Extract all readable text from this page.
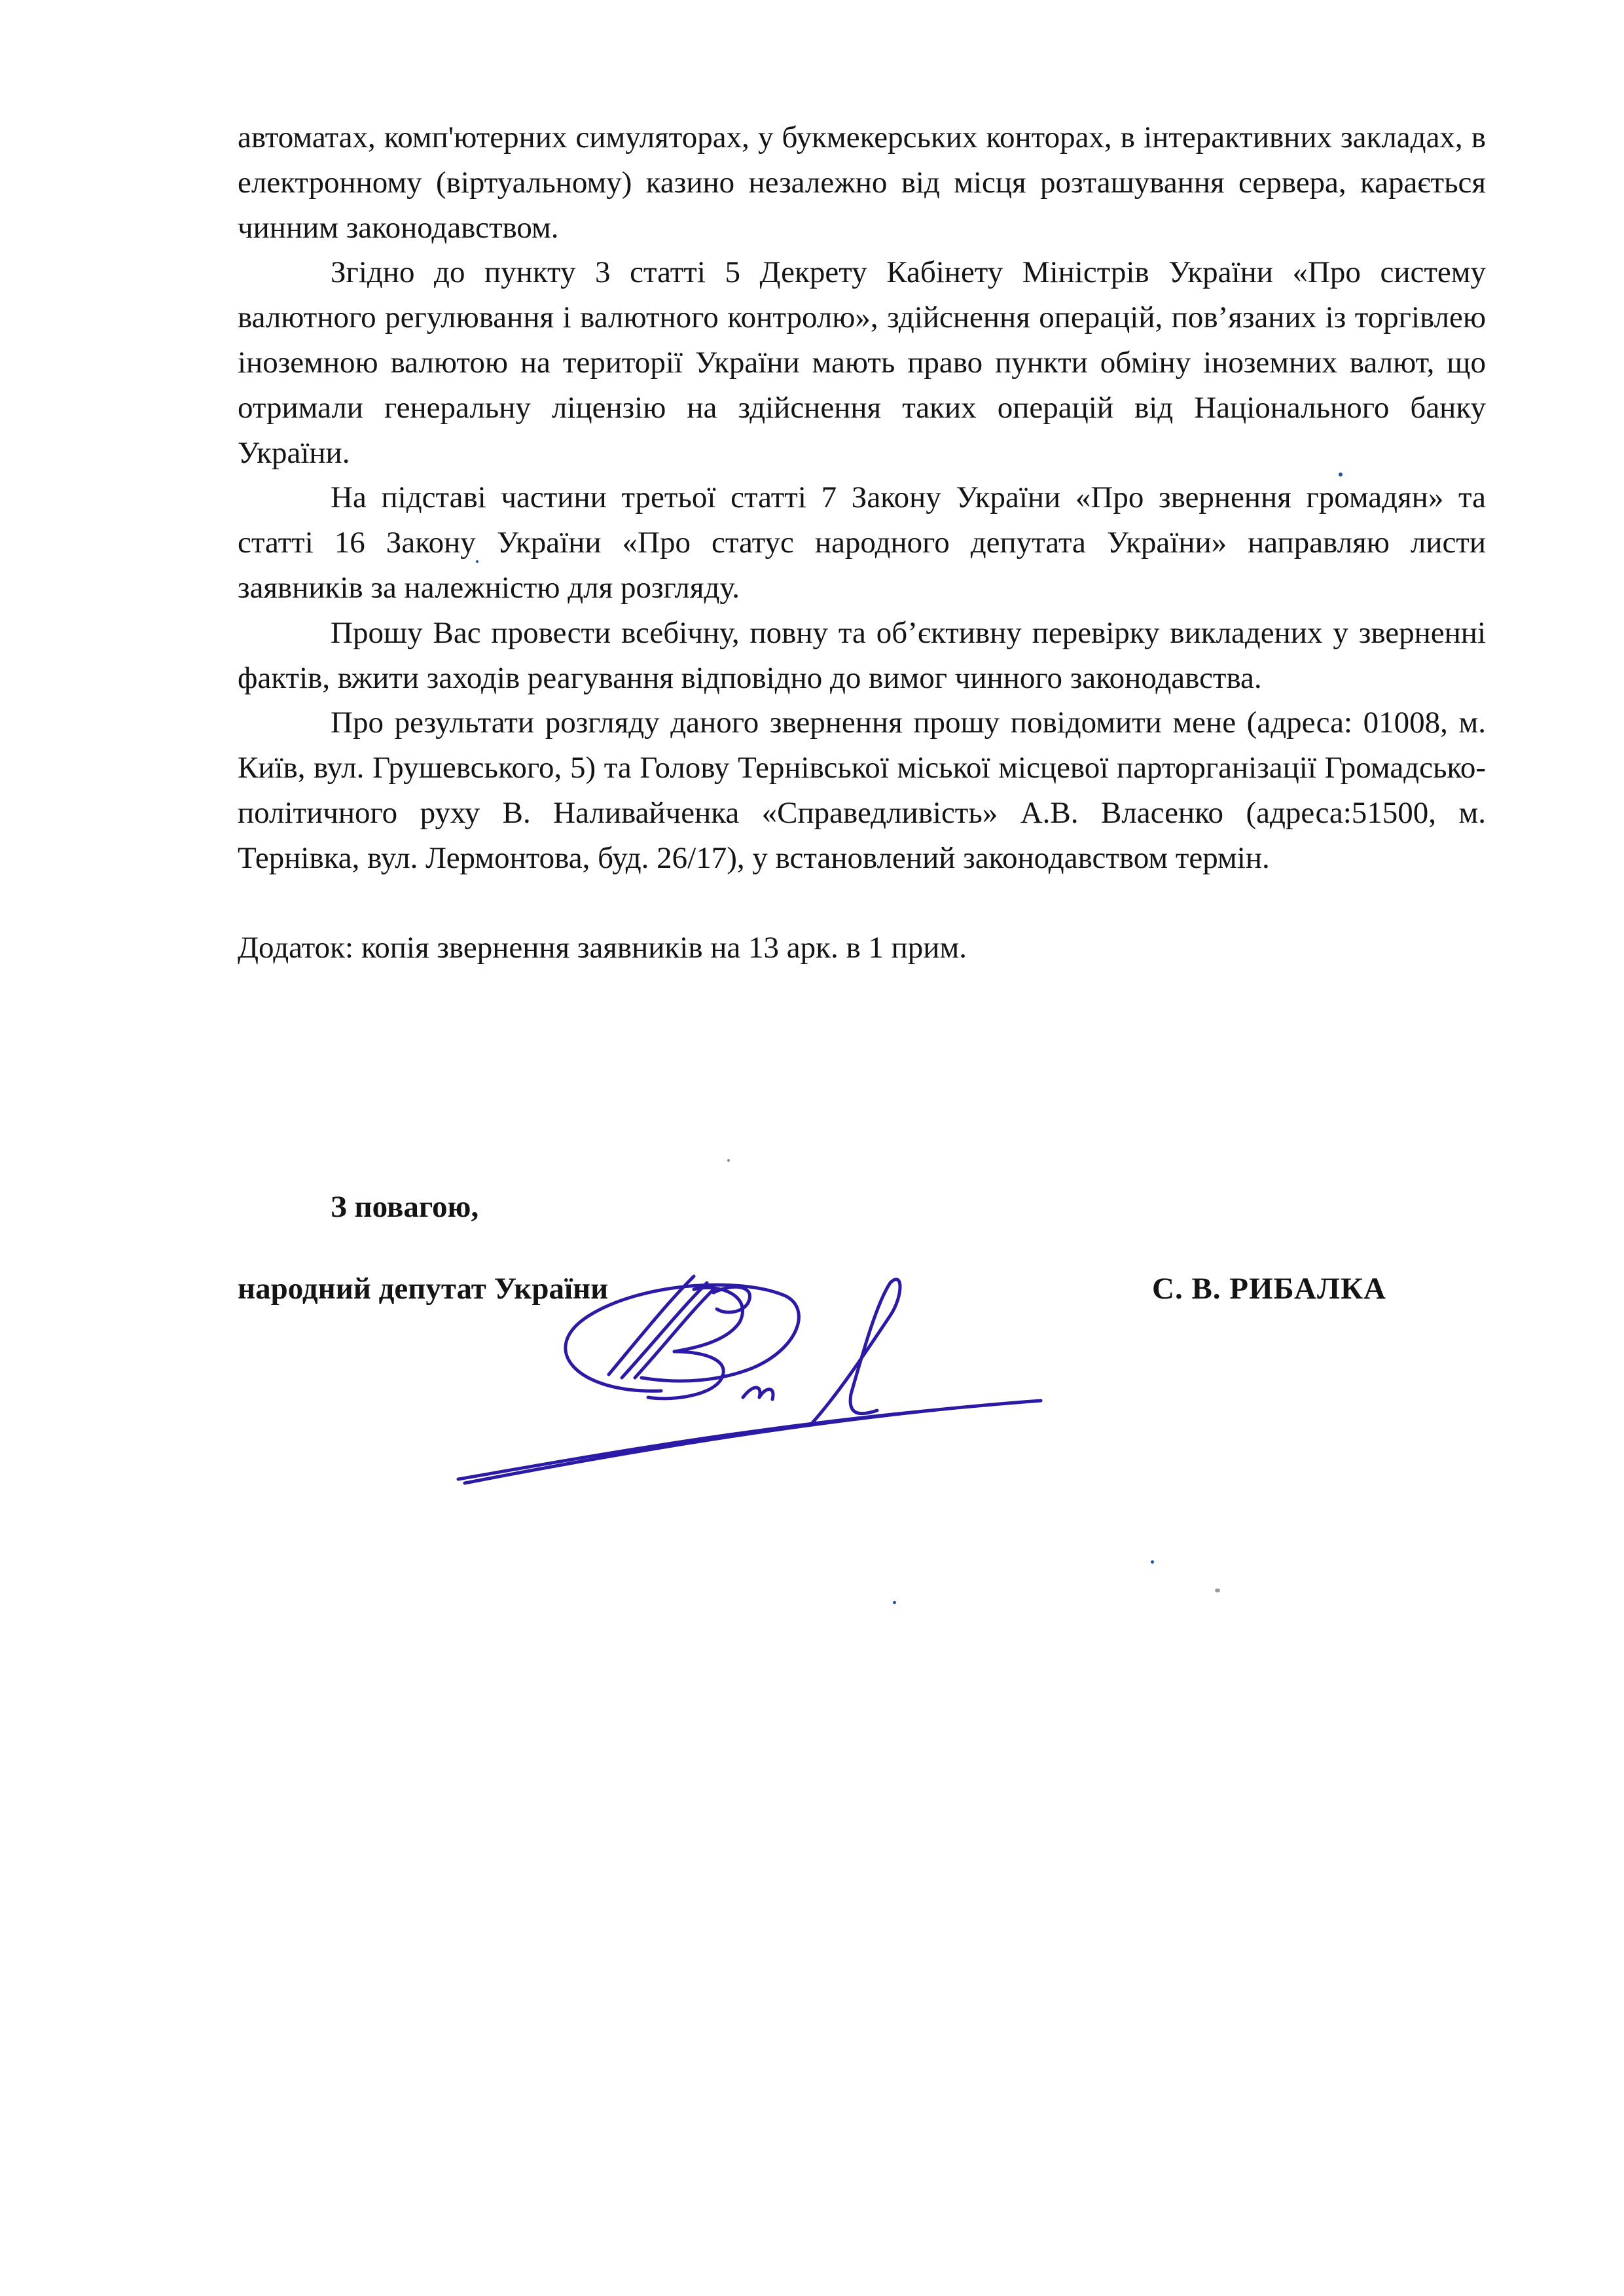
автоматах, комп'ютерних симуляторах, у букмекерських конторах, в інтерактивних закладах, в електронному (віртуальному) казино незалежно від місця розташування сервера, карається чинним законодавством.

Згідно до пункту 3 статті 5 Декрету Кабінету Міністрів України «Про систему валютного регулювання і валютного контролю», здійснення операцій, пов’язаних із торгівлею іноземною валютою на території України мають право пункти обміну іноземних валют, що отримали генеральну ліцензію на здійснення таких операцій від Національного банку України.

На підставі частини третьої статті 7 Закону України «Про звернення громадян» та статті 16 Закону України «Про статус народного депутата України» направляю листи заявників за належністю для розгляду.

Прошу Вас провести всебічну, повну та об’єктивну перевірку викладених у зверненні фактів, вжити заходів реагування відповідно до вимог чинного законодавства.

Про результати розгляду даного звернення прошу повідомити мене (адреса: 01008, м. Київ, вул. Грушевського, 5) та Голову Тернівської міської місцевої парторганізації Громадсько-політичного руху В. Наливайченка «Справедливість» А.В. Власенко (адреса:51500, м. Тернівка, вул. Лермонтова, буд. 26/17), у встановлений законодавством термін.

Додаток: копія звернення заявників на 13 арк. в 1 прим.

З повагою,
народний депутат України	С. В. РИБАЛКА
